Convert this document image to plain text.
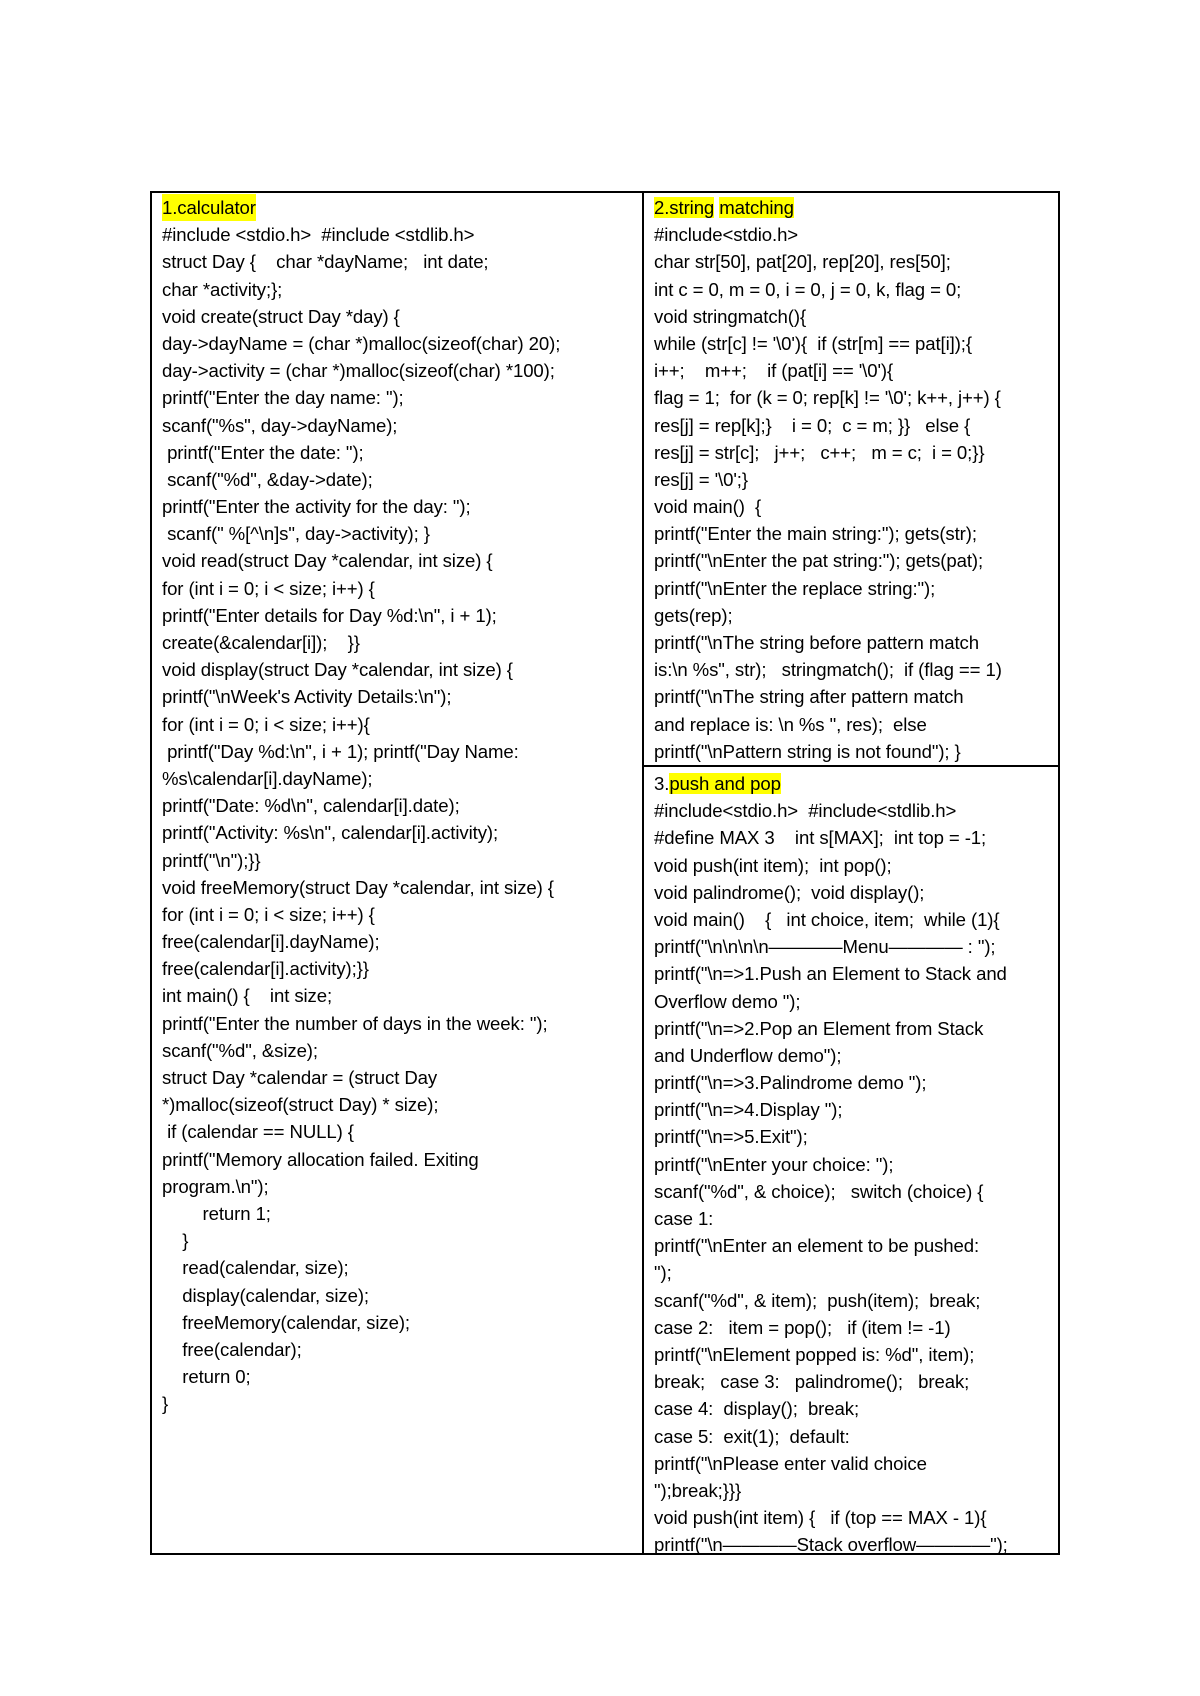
1.calculator
#include <stdio.h>  #include <stdlib.h>
struct Day {    char *dayName;   int date;
char *activity;};
void create(struct Day *day) {
day->dayName = (char *)malloc(sizeof(char) 20);
day->activity = (char *)malloc(sizeof(char) *100);
printf("Enter the day name: ");
scanf("%s", day->dayName);
printf("Enter the date: ");
scanf("%d", &day->date);
printf("Enter the activity for the day: ");
scanf(" %[^\n]s", day->activity); }
void read(struct Day *calendar, int size) {
for (int i = 0; i < size; i++) {
printf("Enter details for Day %d:\n", i + 1);
create(&calendar[i]);    }}
void display(struct Day *calendar, int size) {
printf("\nWeek's Activity Details:\n");
for (int i = 0; i < size; i++){
printf("Day %d:\n", i + 1); printf("Day Name:
%s\calendar[i].dayName);
printf("Date: %d\n", calendar[i].date);
printf("Activity: %s\n", calendar[i].activity);
printf("\n");}}
void freeMemory(struct Day *calendar, int size) {
for (int i = 0; i < size; i++) {
free(calendar[i].dayName);
free(calendar[i].activity);}}
int main() {    int size;
printf("Enter the number of days in the week: ");
scanf("%d", &size);
struct Day *calendar = (struct Day
*)malloc(sizeof(struct Day) * size);
if (calendar == NULL) {
printf("Memory allocation failed. Exiting
program.\n");
return 1;
}
read(calendar, size);
display(calendar, size);
freeMemory(calendar, size);
free(calendar);
return 0;
}
2.string matching
#include<stdio.h>
char str[50], pat[20], rep[20], res[50];
int c = 0, m = 0, i = 0, j = 0, k, flag = 0;
void stringmatch(){
while (str[c] != '\0'){  if (str[m] == pat[i]);{
i++;    m++;    if (pat[i] == '\0'){
flag = 1;  for (k = 0; rep[k] != '\0'; k++, j++) {
res[j] = rep[k];}    i = 0;  c = m; }}   else {
res[j] = str[c];   j++;   c++;   m = c;  i = 0;}}
res[j] = '\0';}
void main()  {
printf("Enter the main string:"); gets(str);
printf("\nEnter the pat string:"); gets(pat);
printf("\nEnter the replace string:");
gets(rep);
printf("\nThe string before pattern match
is:\n %s", str);   stringmatch();  if (flag == 1)
printf("\nThe string after pattern match
and replace is: \n %s ", res);  else
printf("\nPattern string is not found"); }
3.push and pop
#include<stdio.h>  #include<stdlib.h>
#define MAX 3    int s[MAX];  int top = -1;
void push(int item);  int pop();
void palindrome();  void display();
void main()    {   int choice, item;  while (1){
printf("\n\n\n\n————Menu———— : ");
printf("\n=>1.Push an Element to Stack and
Overflow demo ");
printf("\n=>2.Pop an Element from Stack
and Underflow demo");
printf("\n=>3.Palindrome demo ");
printf("\n=>4.Display ");
printf("\n=>5.Exit");
printf("\nEnter your choice: ");
scanf("%d", & choice);   switch (choice) {
case 1:
printf("\nEnter an element to be pushed:
");
scanf("%d", & item);  push(item);  break;
case 2:   item = pop();   if (item != -1)
printf("\nElement popped is: %d", item);
break;   case 3:   palindrome();   break;
case 4:  display();  break;
case 5:  exit(1);  default:
printf("\nPlease enter valid choice
");break;}}}
void push(int item) {   if (top == MAX - 1){
printf("\n————Stack overflow————");
